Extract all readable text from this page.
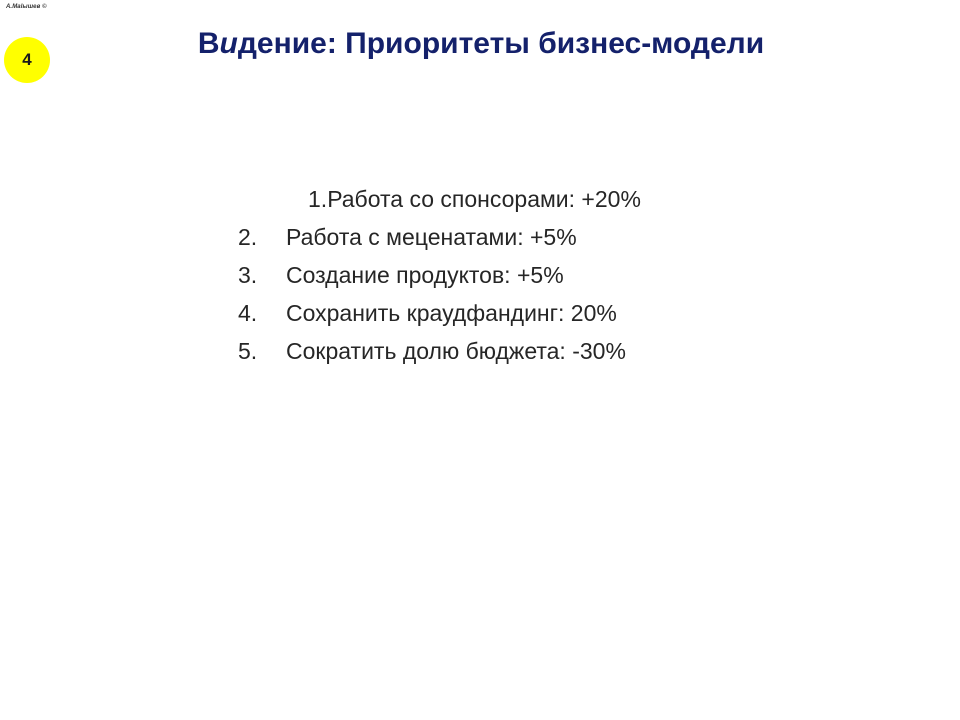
A.Malышев ©
4	Видение: Приоритеты бизнес-модели
1.Работа со спонсорами: +20%
2. Работа с меценатами: +5%
3. Создание продуктов: +5%
4. Сохранить краудфандинг: 20%
5. Сократить долю бюджета: -30%
